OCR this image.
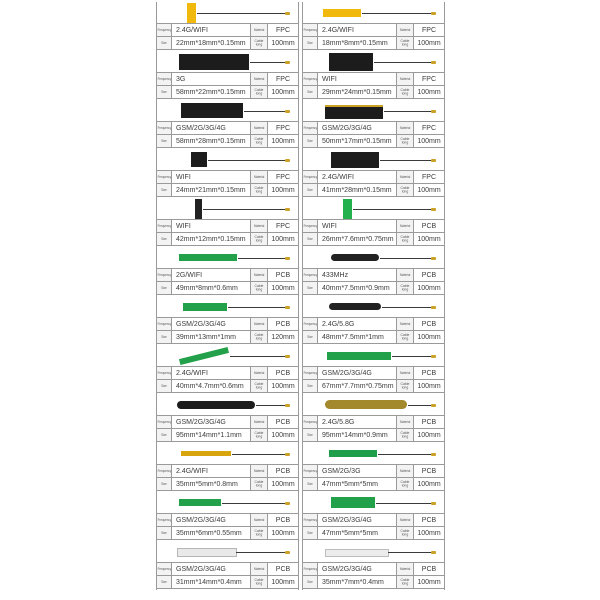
Frequency 2.4G/WIFI	Material	FPC
Size	22mm*18mm*0.15mm	Cable long	100mm
Frequency 3G	Material	FPC
Size	58mm*22mm*0.15mm	Cable long	100mm
Frequency GSM/2G/3G/4G	Material	FPC
Size	58mm*28mm*0.15mm	Cable long	100mm
Frequency WIFI	Material	FPC
Size	24mm*21mm*0.15mm	Cable long	100mm
Frequency WIFI	Material	FPC
Size	42mm*12mm*0.15mm	Cable long	100mm
Frequency 2G/WIFI	Material	PCB
Size	49mm*8mm*0.6mm	Cable long	100mm
Frequency GSM/2G/3G/4G	Material	PCB
Size	39mm*13mm*1mm	Cable long	120mm
Frequency 2.4G/WIFI	Material	PCB
Size	40mm*4.7mm*0.6mm	Cable long	100mm
Frequency GSM/2G/3G/4G	Material	PCB
Size	95mm*14mm*1.1mm	Cable long	100mm
Frequency 2.4G/WIFI	Material	PCB
Size	35mm*5mm*0.8mm	Cable long	100mm
Frequency GSM/2G/3G/4G	Material	PCB
Size	35mm*6mm*0.55mm	Cable long	100mm
Frequency GSM/2G/3G/4G	Material	PCB
Size	31mm*14mm*0.4mm	Cable long	100mm
Frequency 2.4G/WIFI	Material	FPC
Size	18mm*8mm*0.15mm	Cable long	100mm
Frequency WIFI	Material	FPC
Size	29mm*24mm*0.15mm	Cable long	100mm
Frequency GSM/2G/3G/4G	Material	FPC
Size	50mm*17mm*0.15mm	Cable long	100mm
Frequency 2.4G/WIFI	Material	FPC
Size	41mm*28mm*0.15mm	Cable long	100mm
Frequency WIFI	Material	PCB
Size	26mm*7.6mm*0.75mm	Cable long	100mm
Frequency 433MHz	Material	PCB
Size	40mm*7.5mm*0.9mm	Cable long	100mm
Frequency 2.4G/5.8G	Material	PCB
Size	48mm*7.5mm*1mm	Cable long	100mm
Frequency GSM/2G/3G/4G	Material	PCB
Size	67mm*7.7mm*0.75mm	Cable long	100mm
Frequency 2.4G/5.8G	Material	PCB
Size	95mm*14mm*0.9mm	Cable long	100mm
Frequency GSM/2G/3G	Material	PCB
Size	47mm*5mm*5mm	Cable long	100mm
Frequency GSM/2G/3G/4G	Material	PCB
Size	47mm*5mm*5mm	Cable long	100mm
Frequency GSM/2G/3G/4G	Material	PCB
Size	35mm*7mm*0.4mm	Cable long	100mm
